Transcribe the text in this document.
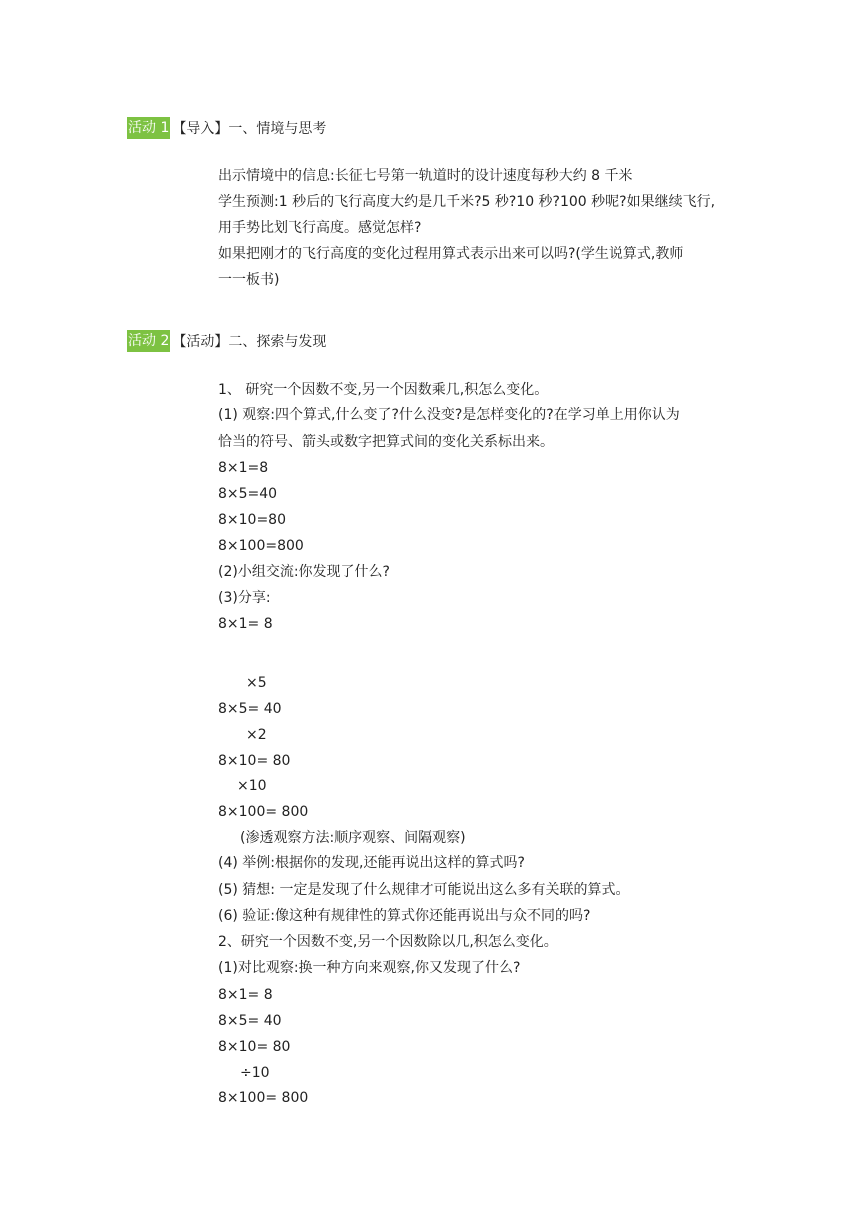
活动 1 【导入】一、情境与思考
出示情境中的信息:长征七号第一轨道时的设计速度每秒大约 8 千米
学生预测:1 秒后的飞行高度大约是几千米?5 秒?10 秒?100 秒呢?如果继续飞行,
用手势比划飞行高度。感觉怎样?
如果把刚才的飞行高度的变化过程用算式表示出来可以吗?(学生说算式,教师
一一板书)
活动 2 【活动】二、探索与发现
1、 研究一个因数不变,另一个因数乘几,积怎么变化。
(1) 观察:四个算式,什么变了?什么没变?是怎样变化的?在学习单上用你认为
恰当的符号、箭头或数字把算式间的变化关系标出来。
8×1=8
8×5=40
8×10=80
8×100=800
(2)小组交流:你发现了什么?
(3)分享:
8×1= 8
×5
8×5= 40
×2
8×10= 80
×10
8×100= 800
(渗透观察方法:顺序观察、间隔观察)
(4) 举例:根据你的发现,还能再说出这样的算式吗?
(5) 猜想: 一定是发现了什么规律才可能说出这么多有关联的算式。
(6) 验证:像这种有规律性的算式你还能再说出与众不同的吗?
2、研究一个因数不变,另一个因数除以几,积怎么变化。
(1)对比观察:换一种方向来观察,你又发现了什么?
8×1= 8
8×5= 40
8×10= 80
÷10
8×100= 800
